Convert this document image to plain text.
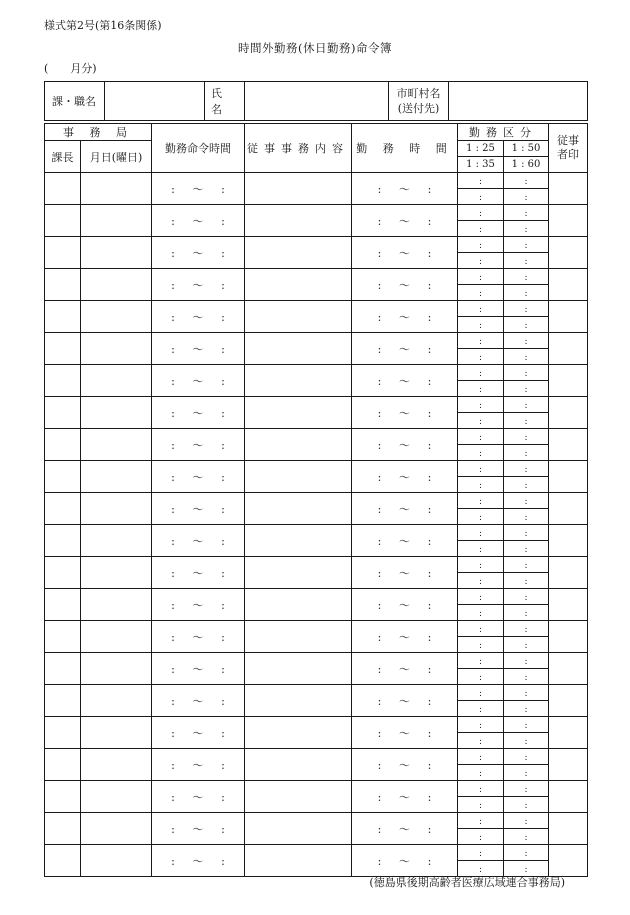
様式第2号(第16条関係)
時間外勤務(休日勤務)命令簿
( 月分)
課・職名		氏 名		市町村名
(送付先)	
事 務 局		勤務命令時間	従事事務内容	勤 務 時 間	勤務区分		従事
者印
課長	月日(曜日)				1 : 25	1 : 50	
					1 : 35	1 : 60	
		: 〜 :		: 〜 :	:	:	
					:	:	
		: 〜 :		: 〜 :	:	:	
					:	:	
		: 〜 :		: 〜 :	:	:	
					:	:	
		: 〜 :		: 〜 :	:	:	
					:	:	
		: 〜 :		: 〜 :	:	:	
					:	:	
		: 〜 :		: 〜 :	:	:	
					:	:	
		: 〜 :		: 〜 :	:	:	
					:	:	
		: 〜 :		: 〜 :	:	:	
					:	:	
		: 〜 :		: 〜 :	:	:	
					:	:	
		: 〜 :		: 〜 :	:	:	
					:	:	
		: 〜 :		: 〜 :	:	:	
					:	:	
		: 〜 :		: 〜 :	:	:	
					:	:	
		: 〜 :		: 〜 :	:	:	
					:	:	
		: 〜 :		: 〜 :	:	:	
					:	:	
		: 〜 :		: 〜 :	:	:	
					:	:	
		: 〜 :		: 〜 :	:	:	
					:	:	
		: 〜 :		: 〜 :	:	:	
					:	:	
		: 〜 :		: 〜 :	:	:	
					:	:	
		: 〜 :		: 〜 :	:	:	
					:	:	
		: 〜 :		: 〜 :	:	:	
					:	:	
		: 〜 :		: 〜 :	:	:	
					:	:	
		: 〜 :		: 〜 :	:	:	
					:	:	
(徳島県後期高齢者医療広域連合事務局)
